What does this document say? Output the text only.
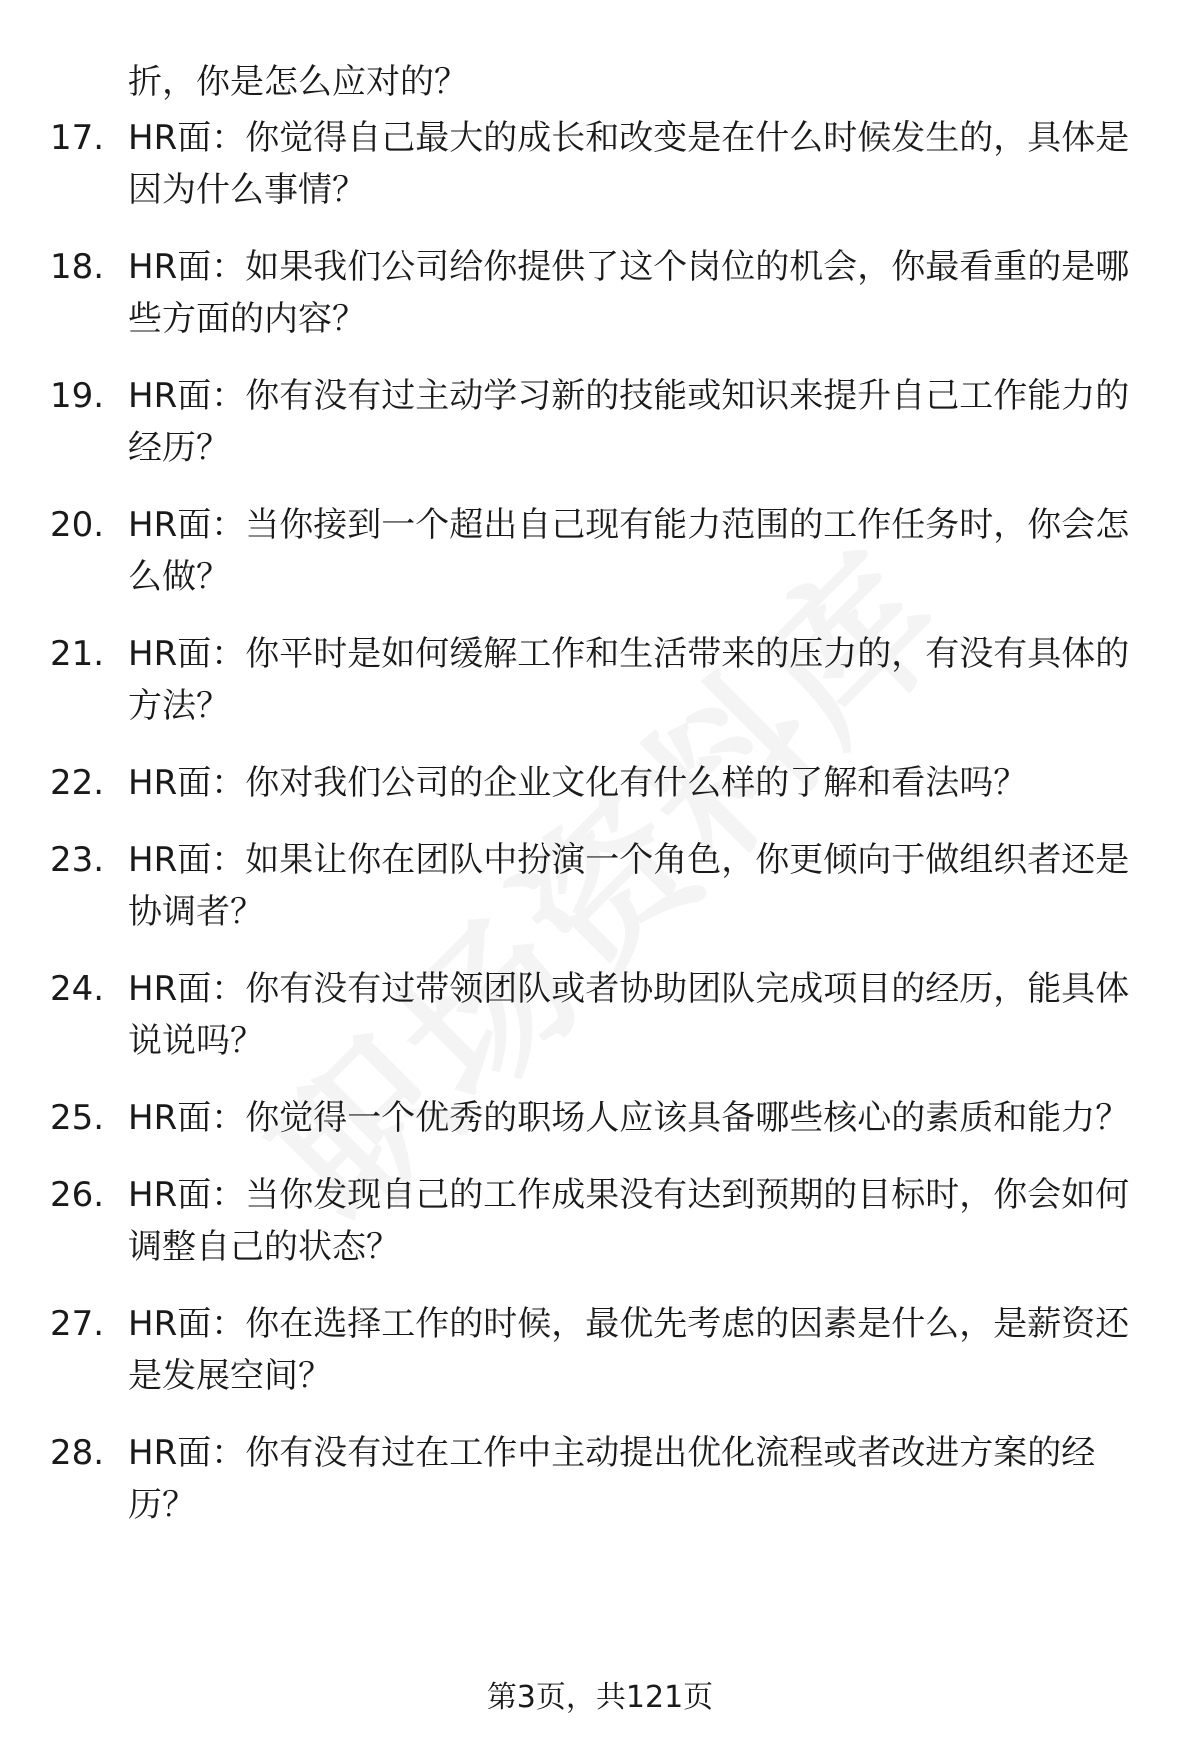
折，你是怎么应对的？

17. HR面：你觉得自己最大的成长和改变是在什么时候发生的，具体是因为什么事情？
18. HR面：如果我们公司给你提供了这个岗位的机会，你最看重的是哪些方面的内容？
19. HR面：你有没有过主动学习新的技能或知识来提升自己工作能力的经历？
20. HR面：当你接到一个超出自己现有能力范围的工作任务时，你会怎么做？
21. HR面：你平时是如何缓解工作和生活带来的压力的，有没有具体的方法？
22. HR面：你对我们公司的企业文化有什么样的了解和看法吗？
23. HR面：如果让你在团队中扮演一个角色，你更倾向于做组织者还是协调者？
24. HR面：你有没有过带领团队或者协助团队完成项目的经历，能具体说说吗？
25. HR面：你觉得一个优秀的职场人应该具备哪些核心的素质和能力？
26. HR面：当你发现自己的工作成果没有达到预期的目标时，你会如何调整自己的状态？
27. HR面：你在选择工作的时候，最优先考虑的因素是什么，是薪资还是发展空间？
28. HR面：你有没有过在工作中主动提出优化流程或者改进方案的经历？
第3页，共121页
